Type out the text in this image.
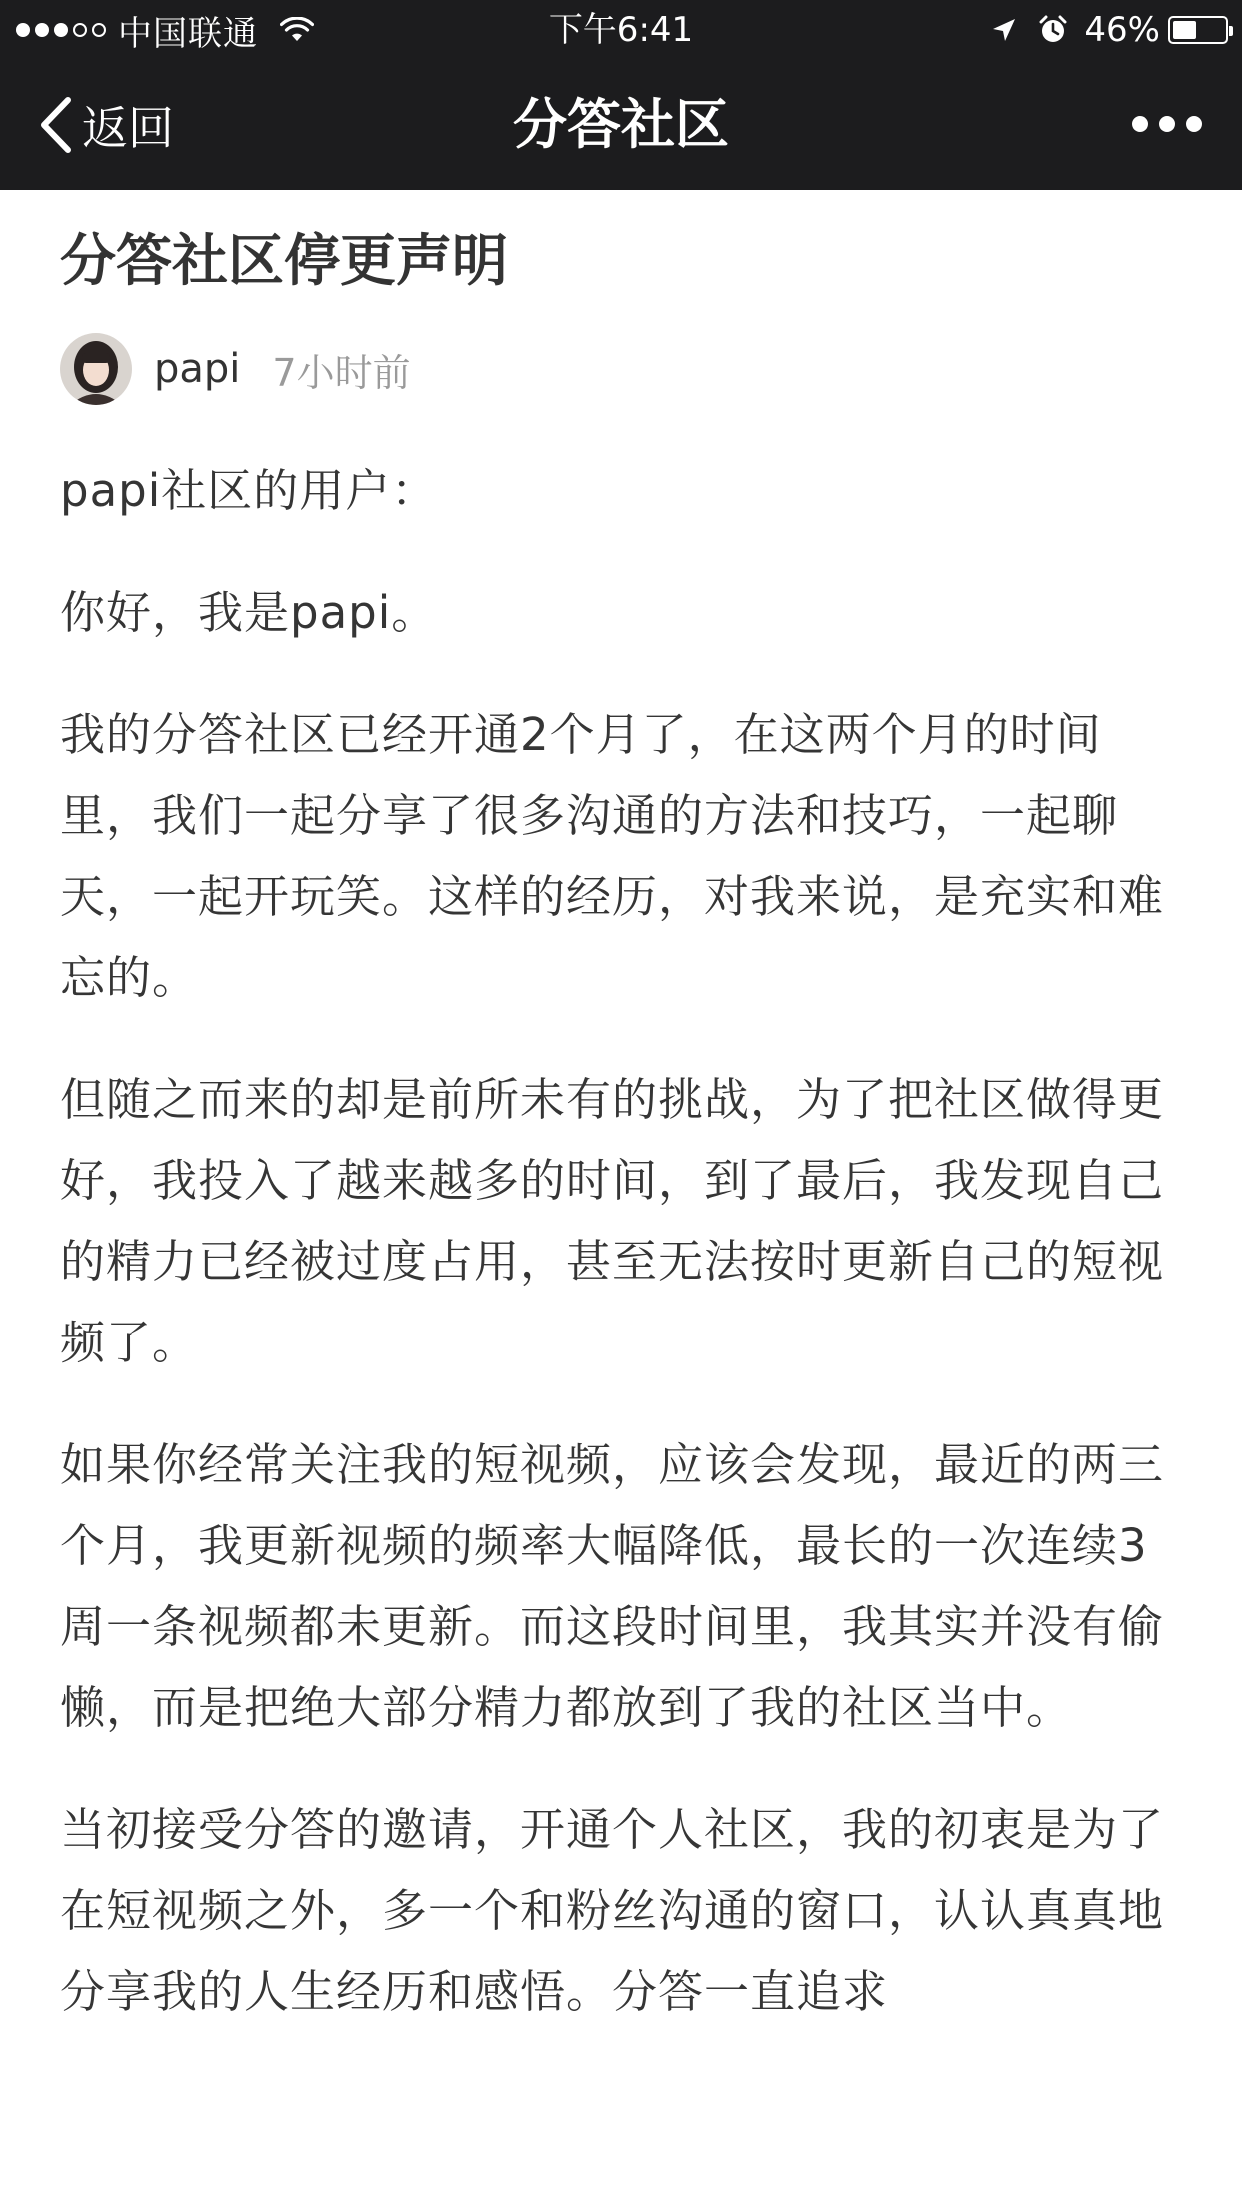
中国联通	下午6:41	46%
返回	分答社区
分答社区停更声明
papi 7小时前

papi社区的用户：

你好，我是papi。

我的分答社区已经开通2个月了，在这两个月的时间里，我们一起分享了很多沟通的方法和技巧，一起聊天，一起开玩笑。这样的经历，对我来说，是充实和难忘的。

但随之而来的却是前所未有的挑战，为了把社区做得更好，我投入了越来越多的时间，到了最后，我发现自己的精力已经被过度占用，甚至无法按时更新自己的短视频了。

如果你经常关注我的短视频，应该会发现，最近的两三个月，我更新视频的频率大幅降低，最长的一次连续3周一条视频都未更新。而这段时间里，我其实并没有偷懒，而是把绝大部分精力都放到了我的社区当中。

当初接受分答的邀请，开通个人社区，我的初衷是为了在短视频之外，多一个和粉丝沟通的窗口，认认真真地分享我的人生经历和感悟。分答一直追求
